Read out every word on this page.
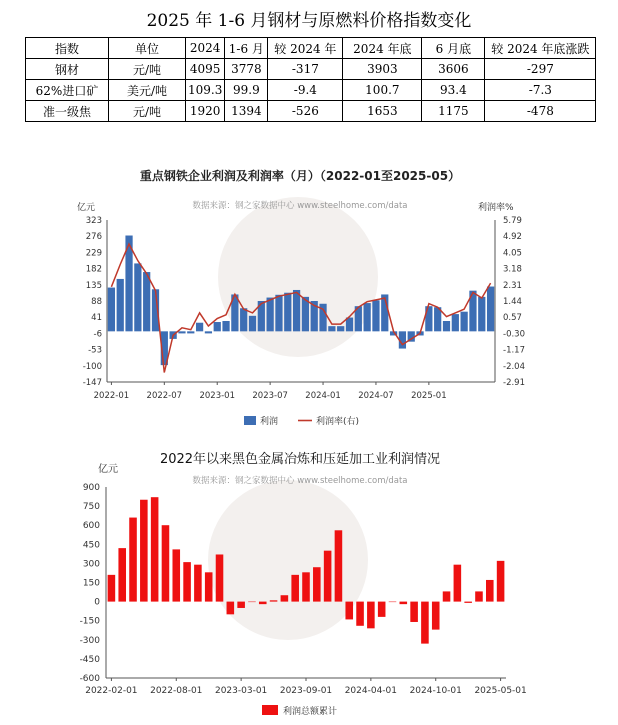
2025 年 1-6 月钢材与原燃料价格指数变化
指数	单位	2024	1-6 月	较 2024 年	2024 年底	6 月底	较 2024 年底涨跌
钢材	元/吨	4095	3778	-317	3903	3606	-297
62%进口矿	美元/吨	109.3	99.9	-9.4	100.7	93.4	-7.3
准一级焦	元/吨	1920	1394	-526	1653	1175	-478
重点钢铁企业利润及利润率（月）（2022-01至2025-05）
数据来源：钢之家数据中心 www.steelhome.com/data
亿元	利润率%
323
276
229
182
135
88
41
-6
-53
-100
-147
5.79
4.92
4.05
3.18
2.31
1.44
0.57
-0.30
-1.17
-2.04
-2.91
2022-01 2022-07 2023-01 2023-07 2024-01 2024-07 2025-01
利润	利润率(右)
2022年以来黑色金属冶炼和压延加工业利润情况
数据来源：钢之家数据中心 www.steelhome.com/data
亿元
900
750
600
450
300
150
0
-150
-300
-450
-600
2022-02-01 2022-08-01 2023-03-01 2023-09-01 2024-04-01 2024-10-01 2025-05-01
利润总额累计
